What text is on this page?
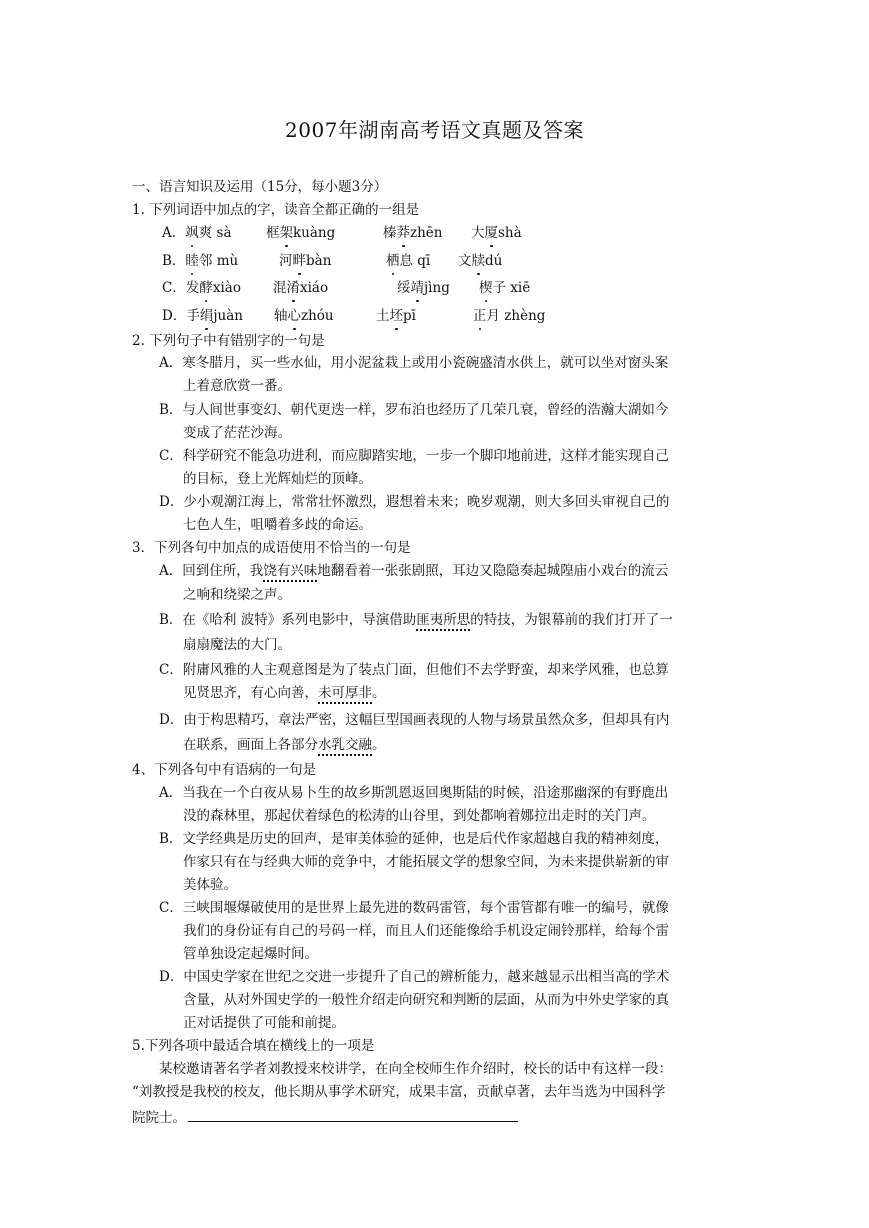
2007年湖南高考语文真题及答案
一、语言知识及运用（15分，每小题3分）
1. 下列词语中加点的字，读音全都正确的一组是
A．飒爽 sà	框架kuàng	榛莽zhēn 大厦shà
B．睦邻 mù	河畔bàn	栖息 qī 文牍dú
C．发酵xiào 混淆xiáo	绥靖jìng 楔子 xiē
D．手绢juàn 轴心zhóu	土坯pī	正月 zhèng
2. 下列句子中有错别字的一句是
A．寒冬腊月，买一些水仙，用小泥盆栽上或用小瓷碗盛清水供上，就可以坐对窗头案
上着意欣赏一番。
B．与人间世事变幻、朝代更迭一样，罗布泊也经历了几荣几衰，曾经的浩瀚大湖如今
变成了茫茫沙海。
C．科学研究不能急功进利，而应脚踏实地，一步一个脚印地前进，这样才能实现自己
的目标，登上光辉灿烂的顶峰。
D．少小观潮江海上，常常壮怀激烈，遐想着未来；晚岁观潮，则大多回头审视自己的
七色人生，咀嚼着多歧的命运。
3．下列各句中加点的成语使用不恰当的一句是
A．回到住所，我饶有兴味地翻看着一张张剧照，耳边又隐隐奏起城隍庙小戏台的流云
之响和绕梁之声。
B．在《哈利 波特》系列电影中，导演借助匪夷所思的特技，为银幕前的我们打开了一
扇扇魔法的大门。
C．附庸风雅的人主观意图是为了装点门面，但他们不去学野蛮，却来学风雅，也总算
见贤思齐，有心向善，未可厚非。
D．由于构思精巧，章法严密，这幅巨型国画表现的人物与场景虽然众多，但却具有内
在联系，画面上各部分水乳交融。
4、下列各句中有语病的一句是
A．当我在一个白夜从易卜生的故乡斯凯恩返回奥斯陆的时候，沿途那幽深的有野鹿出
没的森林里，那起伏着绿色的松涛的山谷里，到处都响着娜拉出走时的关门声。
B．文学经典是历史的回声，是审美体验的延伸，也是后代作家超越自我的精神刻度，
作家只有在与经典大师的竞争中，才能拓展文学的想象空间，为未来提供崭新的审
美体验。
C．三峡围堰爆破使用的是世界上最先进的数码雷管，每个雷管都有唯一的编号，就像
我们的身份证有自己的号码一样，而且人们还能像给手机设定闹铃那样，给每个雷
管单独设定起爆时间。
D．中国史学家在世纪之交进一步提升了自己的辨析能力，越来越显示出相当高的学术
含量，从对外国史学的一般性介绍走向研究和判断的层面，从而为中外史学家的真
正对话提供了可能和前提。
5.下列各项中最适合填在横线上的一项是
某校邀请著名学者刘教授来校讲学，在向全校师生作介绍时，校长的话中有这样一段：
“刘教授是我校的校友，他长期从事学术研究，成果丰富，贡献卓著，去年当选为中国科学
院院士。
